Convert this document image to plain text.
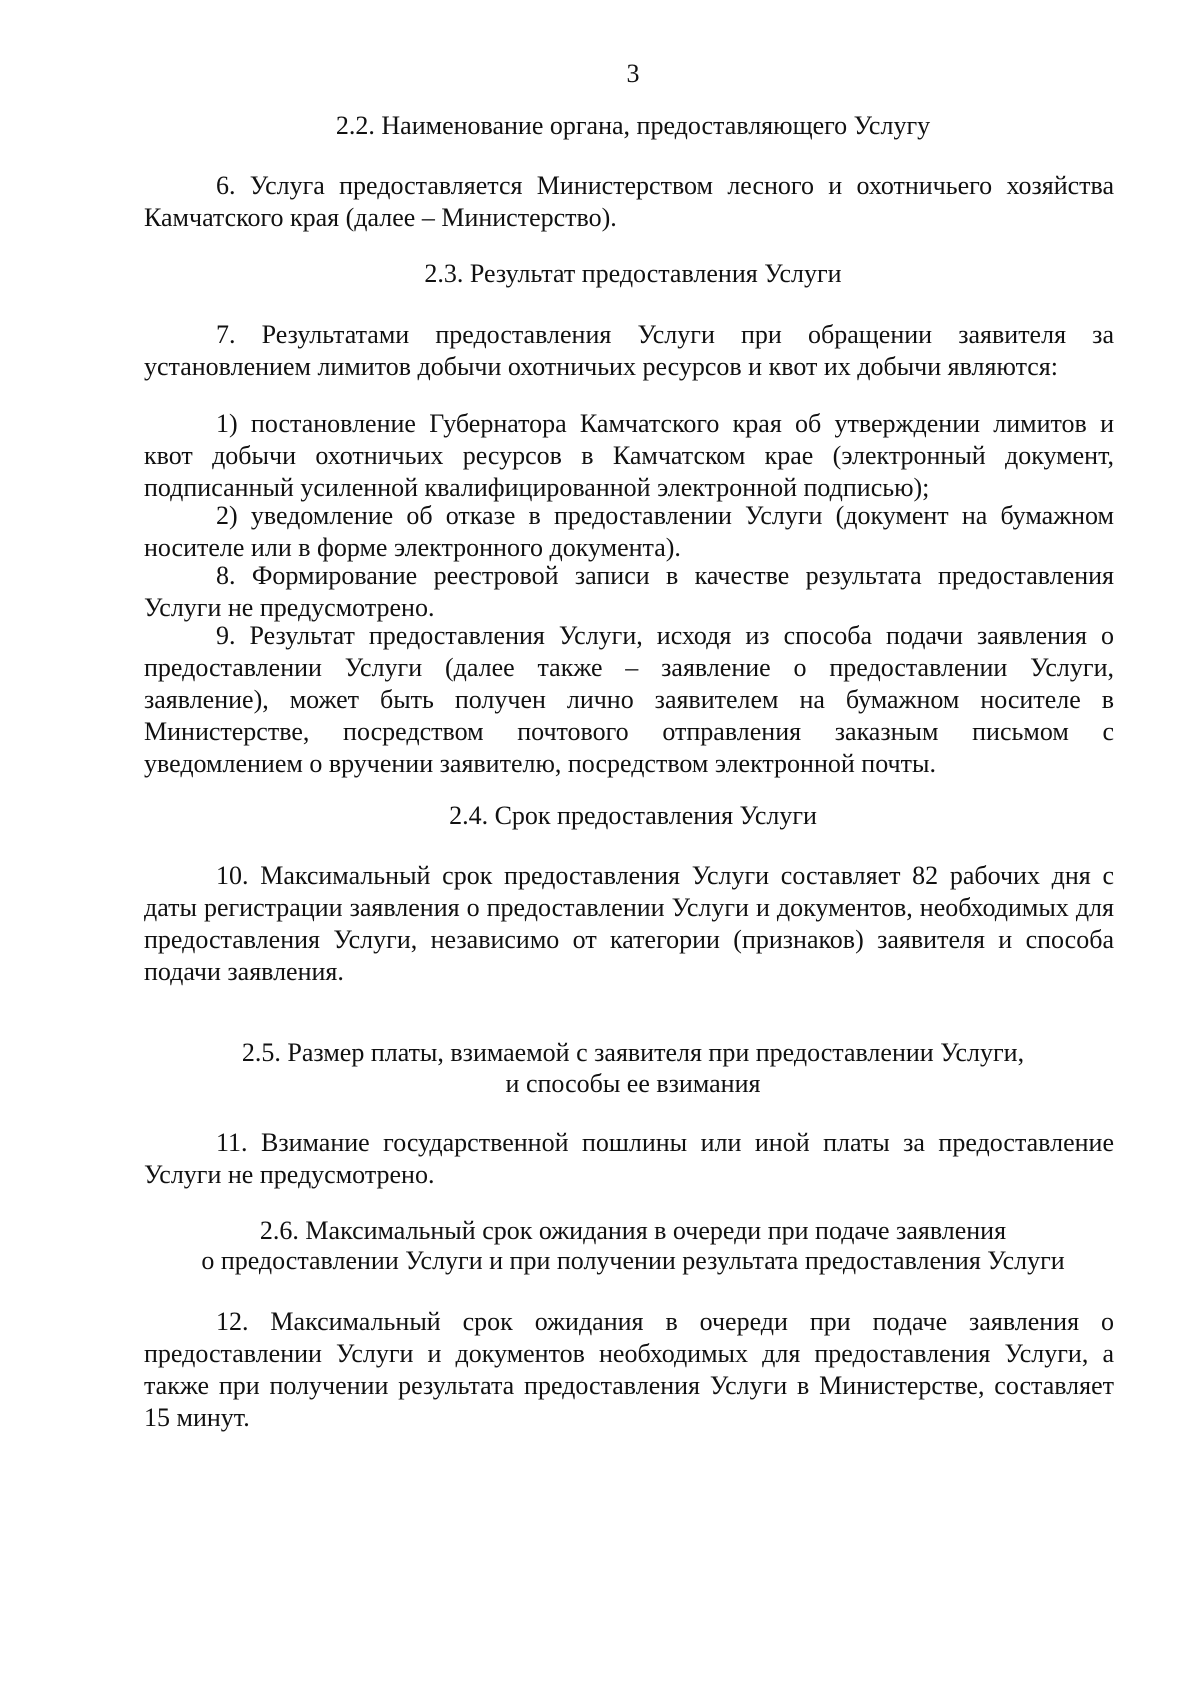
3
2.2. Наименование органа, предоставляющего Услугу
6. Услуга предоставляется Министерством лесного и охотничьего хозяйства Камчатского края (далее – Министерство).
2.3. Результат предоставления Услуги
7. Результатами предоставления Услуги при обращении заявителя за установлением лимитов добычи охотничьих ресурсов и квот их добычи являются:
1) постановление Губернатора Камчатского края об утверждении лимитов и квот добычи охотничьих ресурсов в Камчатском крае (электронный документ, подписанный усиленной квалифицированной электронной подписью);
2) уведомление об отказе в предоставлении Услуги (документ на бумажном носителе или в форме электронного документа).
8. Формирование реестровой записи в качестве результата предоставления Услуги не предусмотрено.
9. Результат предоставления Услуги, исходя из способа подачи заявления о предоставлении Услуги (далее также – заявление о предоставлении Услуги, заявление), может быть получен лично заявителем на бумажном носителе в Министерстве, посредством почтового отправления заказным письмом с уведомлением о вручении заявителю, посредством электронной почты.
2.4. Срок предоставления Услуги
10. Максимальный срок предоставления Услуги составляет 82 рабочих дня с даты регистрации заявления о предоставлении Услуги и документов, необходимых для предоставления Услуги, независимо от категории (признаков) заявителя и способа подачи заявления.
2.5. Размер платы, взимаемой с заявителя при предоставлении Услуги,
и способы ее взимания
11. Взимание государственной пошлины или иной платы за предоставление Услуги не предусмотрено.
2.6. Максимальный срок ожидания в очереди при подаче заявления
о предоставлении Услуги и при получении результата предоставления Услуги
12. Максимальный срок ожидания в очереди при подаче заявления о предоставлении Услуги и документов необходимых для предоставления Услуги, а также при получении результата предоставления Услуги в Министерстве, составляет 15 минут.
